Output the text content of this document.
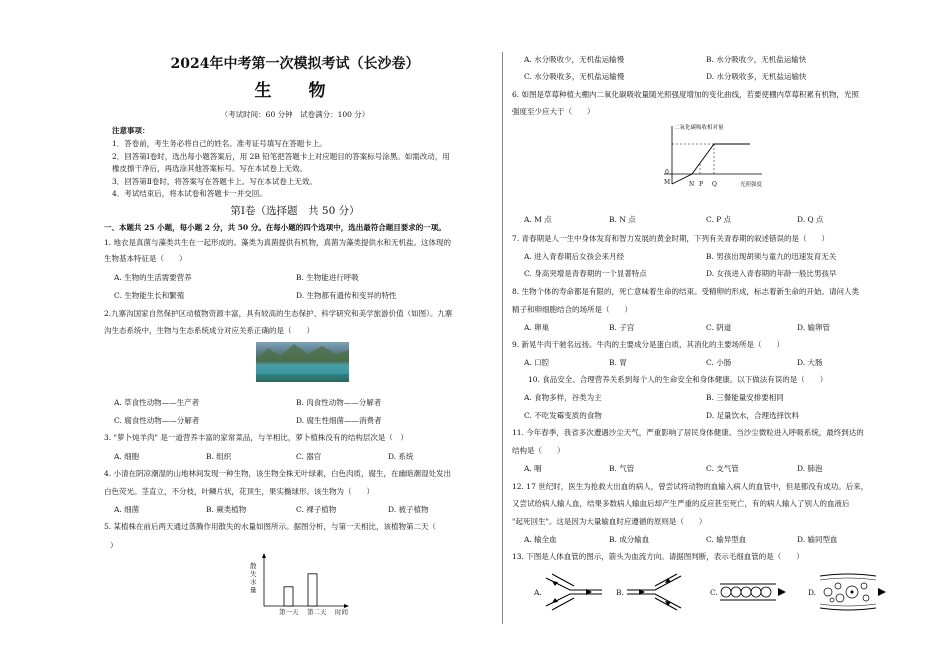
2024年中考第一次模拟考试（长沙卷）
生　物
（考试时间：60 分钟　试卷满分：100 分）
注意事项：
1．答卷前，考生务必将自己的姓名、准考证号填写在答题卡上。
2．回答第Ⅰ卷时，选出每小题答案后，用 2B 铅笔把答题卡上对应题目的答案标号涂黑。如需改动，用
橡皮擦干净后，再选涂其他答案标号。写在本试卷上无效。
3．回答第Ⅱ卷时，将答案写在答题卡上。写在本试卷上无效。
4．考试结束后，将本试卷和答题卡一并交回。
第Ⅰ卷（选择题　共 50 分）
一、本题共 25 小题，每小题 2 分，共 50 分。在每小题的四个选项中，选出最符合题目要求的一项。
1. 地衣是真菌与藻类共生在一起形成的。藻类为真菌提供有机物，真菌为藻类提供水和无机盐。这体现的
生物基本特征是（　　）
A. 生物的生活需要营养	B. 生物能进行呼吸
C. 生物能生长和繁殖	D. 生物都有遗传和变异的特性
2.九寨沟国家自然保护区动植物资源丰富，具有较高的生态保护、科学研究和美学旅游价值（如图）。九寨
沟生态系统中，生物与生态系统成分对应关系正确的是（　　）
A. 草食性动物——生产者	B. 肉食性动物——分解者
C. 腐食性动物——分解者	D. 腐生性细菌——消费者
3. "萝卜炖羊肉" 是一道营养丰富的家常菜品，与羊相比，萝卜植株没有的结构层次是（　）
A. 细胞	B. 组织	C. 器官	D. 系统
4. 小清在阴凉潮湿的山地林间发现一种生物，该生物全株无叶绿素，白色肉质，腐生，在幽暗潮湿处发出
白色荧光。茎直立，不分枝，叶鳞片状，花顶生，果实椭球形。该生物为（　　）
A. 细菌	B. 蕨类植物	C. 裸子植物	D. 被子植物
5. 某植株在前后两天通过蒸腾作用散失的水量如图所示。据图分析，与第一天相比，该植物第二天（
）
散失水量
第一天 第二天 时间
A. 水分吸收少，无机盐运输慢	B. 水分吸收少，无机盐运输快
C. 水分吸收多，无机盐运输慢	D. 水分吸收多，无机盐运输快
6. 如图是草莓种植大棚内二氧化碳吸收量随光照强度增加的变化曲线，若要使棚内草莓积累有机物，光照
强度至少应大于（　　）
二氧化碳吸收相对量
光照强度
M	N P Q
0
A. M 点	B. N 点	C. P 点	D. Q 点
7. 青春期是人一生中身体发育和智力发展的黄金时期，下列有关青春期的叙述错误的是（　　）
A. 进入青春期后女孩会来月经	B. 男孩出现胡须与童九的迅速发育无关
C. 身高突增是青春期的一个显著特点	D. 女孩进入青春期的年龄一般比男孩早
8. 生物个体的寿命都是有限的，死亡意味着生命的结束。受精卵的形成，标志着新生命的开始。请问人类
精子和卵细胞结合的场所是（　　）
A. 卵巢	B. 子宫	C. 阴道	D. 输卵管
9. 新晃牛肉干驰名远扬。牛肉的主要成分是蛋白质，其消化的主要场所是（　　）
A. 口腔	B. 胃	C. 小肠	D. 大肠
10. 食品安全、合理营养关系到每个人的生命安全和身体健康。以下做法有误的是（　　）
A. 食物多样，谷类为主	B. 三餐能量安排要相同
C. 不吃发霉变质的食物	D. 足量饮水，合理选择饮料
11. 今年春季，我省多次遭遇沙尘天气，严重影响了居民身体健康。当沙尘微粒进入呼吸系统，最终到达的
结构是（　　）
A. 咽	B. 气管	C. 支气管	D. 肺泡
12. 17 世纪时，医生为抢救大出血的病人，曾尝试将动物的血输入病人的血管中，但是都没有成功。后来，
又尝试给病人输人血，结果多数病人输血后却产生严重的反应甚至死亡，有的病人输入了别人的血液后
"起死回生"。这是因为大量输血时应遵循的原则是（　　）
A. 输全血	B. 成分输血	C. 输异型血	D. 输同型血
13. 下图是人体血管的图示，箭头为血流方向。请据图判断，表示毛细血管的是（　　）
A.	B.	C.	D.
